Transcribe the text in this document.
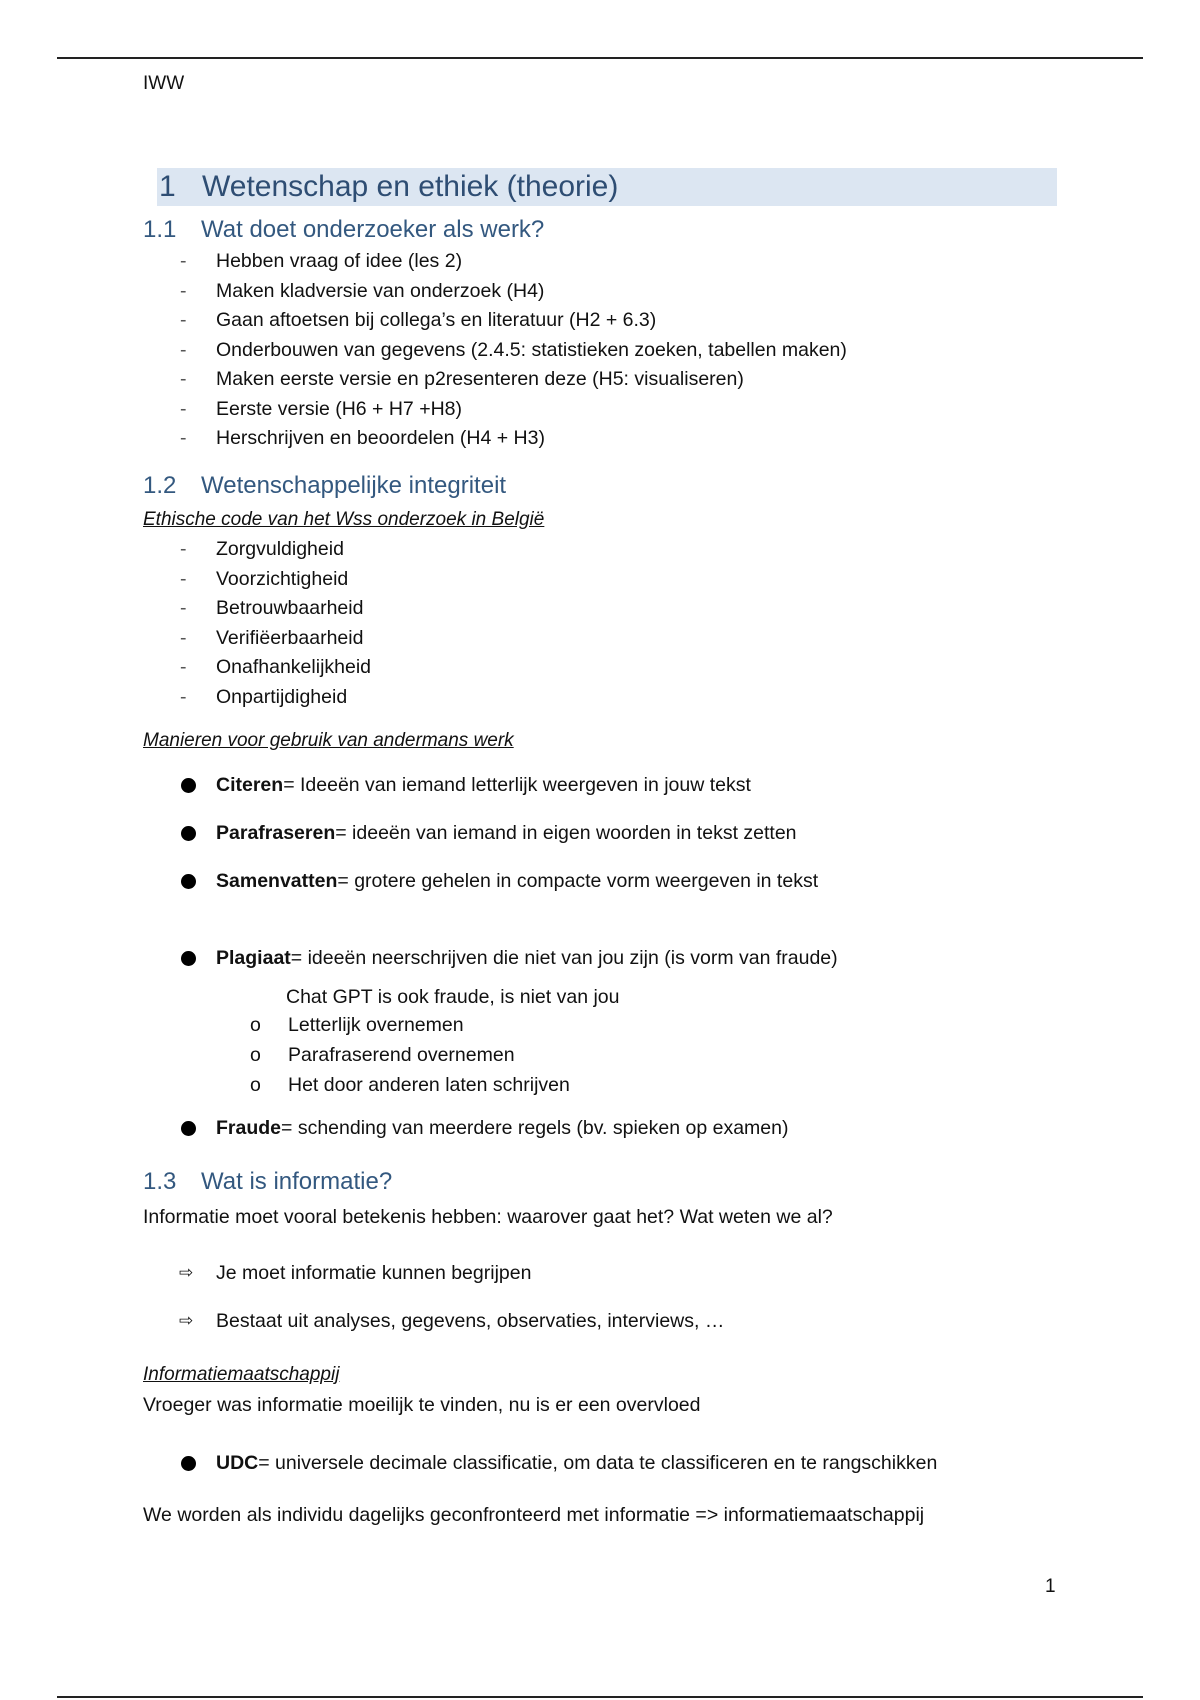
IWW
1 Wetenschap en ethiek (theorie)
1.1 Wat doet onderzoeker als werk?
- Hebben vraag of idee (les 2)
- Maken kladversie van onderzoek (H4)
- Gaan aftoetsen bij collega’s en literatuur (H2 + 6.3)
- Onderbouwen van gegevens (2.4.5: statistieken zoeken, tabellen maken)
- Maken eerste versie en p2resenteren deze (H5: visualiseren)
- Eerste versie (H6 + H7 +H8)
- Herschrijven en beoordelen (H4 + H3)
1.2 Wetenschappelijke integriteit
Ethische code van het Wss onderzoek in België
- Zorgvuldigheid
- Voorzichtigheid
- Betrouwbaarheid
- Verifiëerbaarheid
- Onafhankelijkheid
- Onpartijdigheid
Manieren voor gebruik van andermans werk
Citeren= Ideeën van iemand letterlijk weergeven in jouw tekst
Parafraseren= ideeën van iemand in eigen woorden in tekst zetten
Samenvatten= grotere gehelen in compacte vorm weergeven in tekst
Plagiaat= ideeën neerschrijven die niet van jou zijn (is vorm van fraude)
Chat GPT is ook fraude, is niet van jou
o Letterlijk overnemen
o Parafraserend overnemen
o Het door anderen laten schrijven
Fraude= schending van meerdere regels (bv. spieken op examen)
1.3 Wat is informatie?
Informatie moet vooral betekenis hebben: waarover gaat het? Wat weten we al?
⇨ Je moet informatie kunnen begrijpen
⇨ Bestaat uit analyses, gegevens, observaties, interviews, …
Informatiemaatschappij
Vroeger was informatie moeilijk te vinden, nu is er een overvloed
UDC= universele decimale classificatie, om data te classificeren en te rangschikken
We worden als individu dagelijks geconfronteerd met informatie => informatiemaatschappij
1
